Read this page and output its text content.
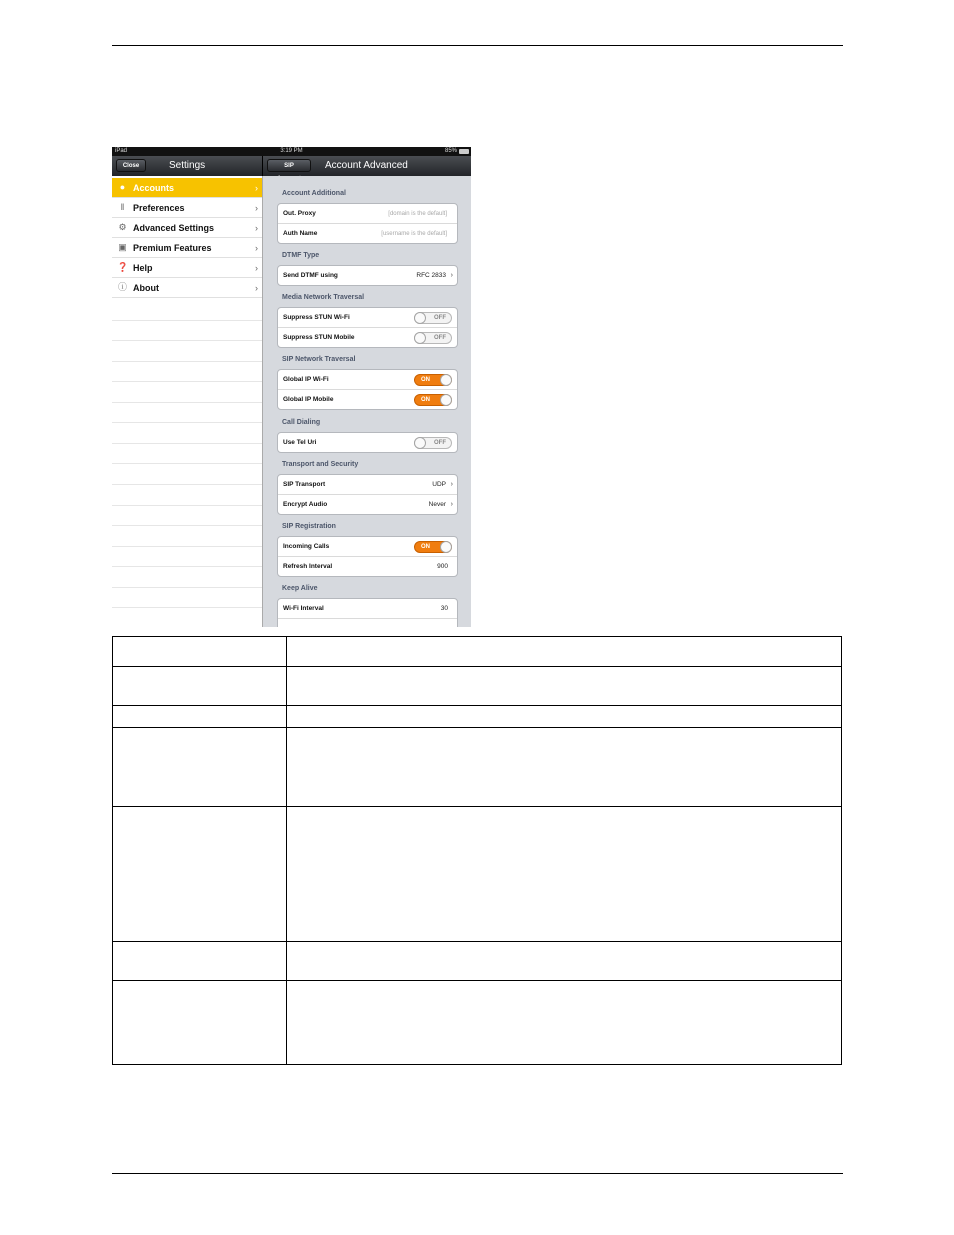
iPad	3:19 PM	85%
Close	Settings	SIP	Account Advanced
● Accounts	›
‖ Preferences	›
⚙ Advanced Settings	›
▣ Premium Features	›
❓ Help	›
ⓘ About	›
Account Additional
Out. Proxy	[domain is the default]
Auth Name	[username is the default]
DTMF Type
Send DTMF using	RFC 2833 ›
Media Network Traversal
Suppress STUN Wi-Fi	OFF
Suppress STUN Mobile	OFF
SIP Network Traversal
Global IP Wi-Fi	ON
Global IP Mobile	ON
Call Dialing
Use Tel Uri	OFF
Transport and Security
SIP Transport	UDP ›
Encrypt Audio	Never ›
SIP Registration
Incoming Calls	ON
Refresh Interval	900
Keep Alive
Wi-Fi Interval	30
